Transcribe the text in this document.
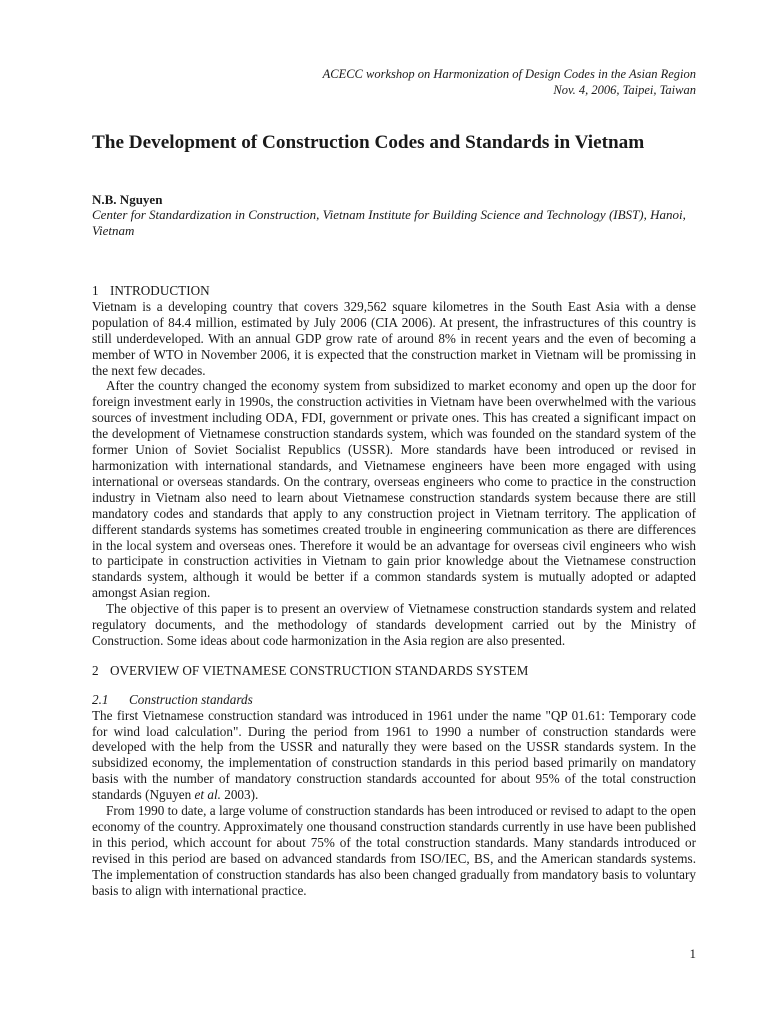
ACECC workshop on Harmonization of Design Codes in the Asian Region
Nov. 4, 2006, Taipei, Taiwan
The Development of Construction Codes and Standards in Vietnam
N.B. Nguyen
Center for Standardization in Construction, Vietnam Institute for Building Science and Technology (IBST), Hanoi, Vietnam
1 INTRODUCTION

Vietnam is a developing country that covers 329,562 square kilometres in the South East Asia with a dense population of 84.4 million, estimated by July 2006 (CIA 2006). At present, the infrastructures of this country is still underdeveloped. With an annual GDP grow rate of around 8% in recent years and the even of becoming a member of WTO in November 2006, it is expected that the construction market in Vietnam will be promissing in the next few decades.

After the country changed the economy system from subsidized to market economy and open up the door for foreign investment early in 1990s, the construction activities in Vietnam have been overwhelmed with the various sources of investment including ODA, FDI, government or private ones. This has created a significant impact on the development of Vietnamese construction standards system, which was founded on the standard system of the former Union of Soviet Socialist Republics (USSR). More standards have been introduced or revised in harmonization with international standards, and Vietnamese engineers have been more engaged with using international or overseas standards. On the contrary, overseas engineers who come to practice in the construction industry in Vietnam also need to learn about Vietnamese construction standards system because there are still mandatory codes and standards that apply to any construction project in Vietnam territory. The application of different standards systems has sometimes created trouble in engineering communication as there are differences in the local system and overseas ones. Therefore it would be an advantage for overseas civil engineers who wish to participate in construction activities in Vietnam to gain prior knowledge about the Vietnamese construction standards system, although it would be better if a common standards system is mutually adopted or adapted amongst Asian region.

The objective of this paper is to present an overview of Vietnamese construction standards system and related regulatory documents, and the methodology of standards development carried out by the Ministry of Construction. Some ideas about code harmonization in the Asia region are also presented.

2 OVERVIEW OF VIETNAMESE CONSTRUCTION STANDARDS SYSTEM
2.1 Construction standards

The first Vietnamese construction standard was introduced in 1961 under the name "QP 01.61: Temporary code for wind load calculation". During the period from 1961 to 1990 a number of construction standards were developed with the help from the USSR and naturally they were based on the USSR standards system. In the subsidized economy, the implementation of construction standards in this period based primarily on mandatory basis with the number of mandatory construction standards accounted for about 95% of the total construction standards (Nguyen et al. 2003).

From 1990 to date, a large volume of construction standards has been introduced or revised to adapt to the open economy of the country. Approximately one thousand construction standards currently in use have been published in this period, which account for about 75% of the total construction standards. Many standards introduced or revised in this period are based on advanced standards from ISO/IEC, BS, and the American standards systems. The implementation of construction standards has also been changed gradually from mandatory basis to voluntary basis to align with international practice.

1
